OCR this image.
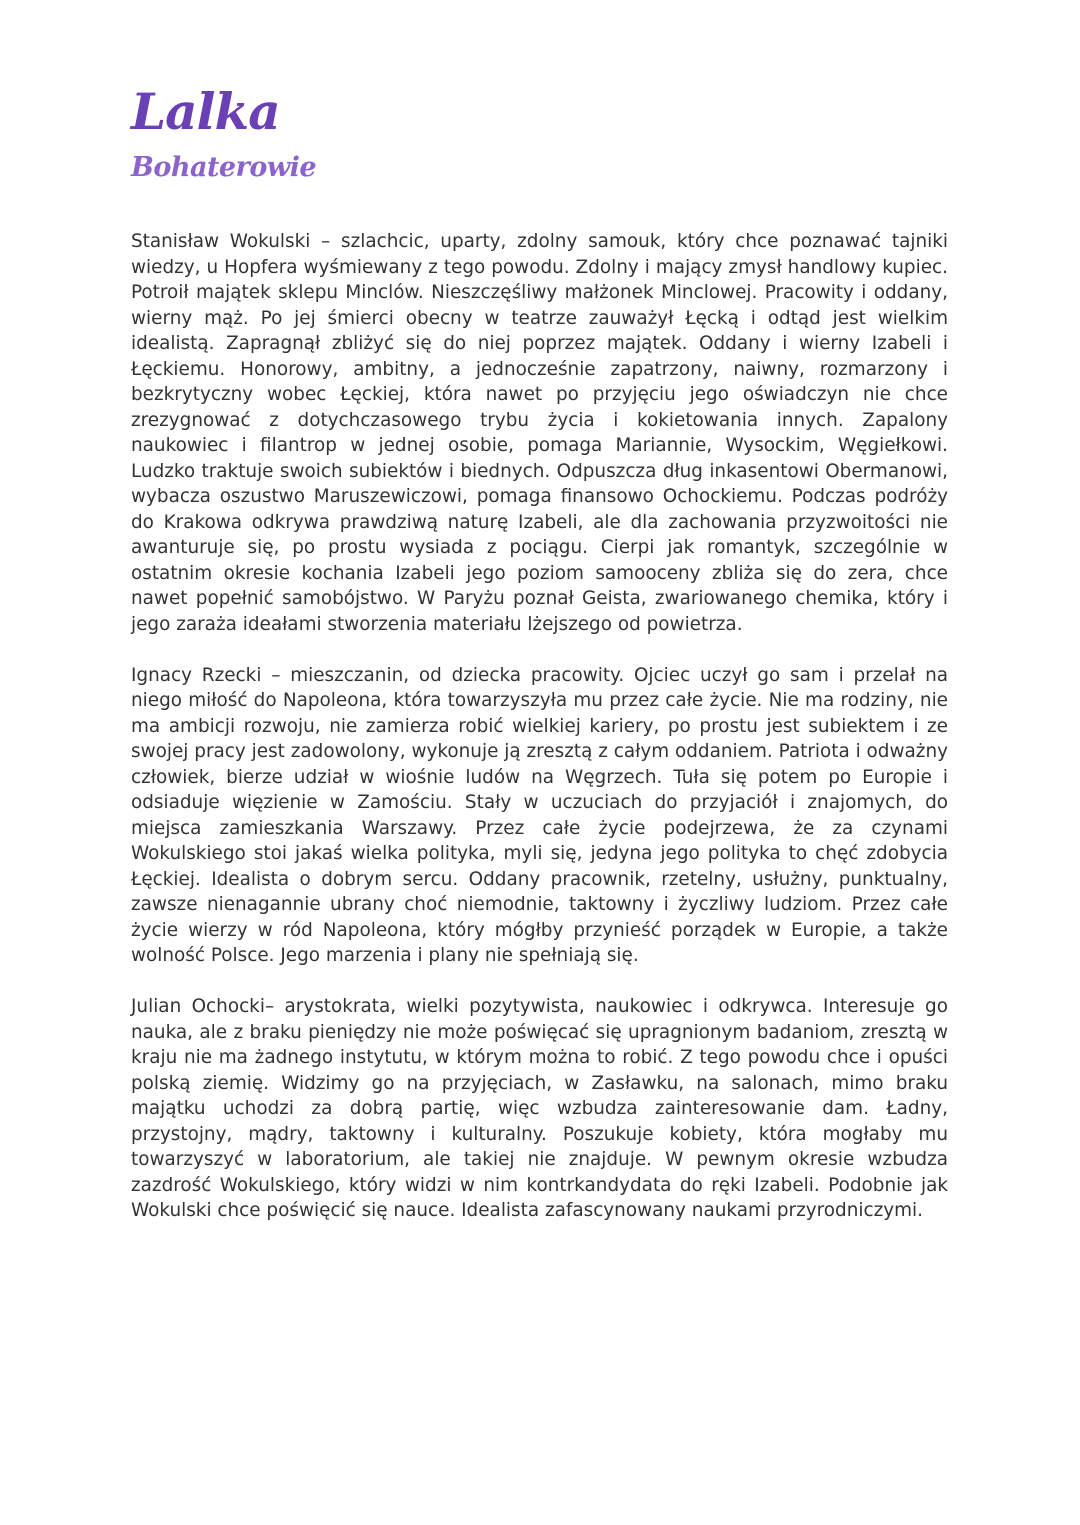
Lalka
Bohaterowie

Stanisław Wokulski – szlachcic, uparty, zdolny samouk, który chce poznawać tajniki wiedzy, u Hopfera wyśmiewany z tego powodu. Zdolny i mający zmysł handlowy kupiec. Potroił majątek sklepu Minclów. Nieszczęśliwy małżonek Minclowej. Pracowity i oddany, wierny mąż. Po jej śmierci obecny w teatrze zauważył Łęcką i odtąd jest wielkim idealistą. Zapragnął zbliżyć się do niej poprzez majątek. Oddany i wierny Izabeli i Łęckiemu. Honorowy, ambitny, a jednocześnie zapatrzony, naiwny, rozmarzony i bezkrytyczny wobec Łęckiej, która nawet po przyjęciu jego oświadczyn nie chce zrezygnować z dotychczasowego trybu życia i kokietowania innych. Zapalony naukowiec i filantrop w jednej osobie, pomaga Mariannie, Wysockim, Węgiełkowi. Ludzko traktuje swoich subiektów i biednych. Odpuszcza dług inkasentowi Obermanowi, wybacza oszustwo Maruszewiczowi, pomaga finansowo Ochockiemu. Podczas podróży do Krakowa odkrywa prawdziwą naturę Izabeli, ale dla zachowania przyzwoitości nie awanturuje się, po prostu wysiada z pociągu. Cierpi jak romantyk, szczególnie w ostatnim okresie kochania Izabeli jego poziom samooceny zbliża się do zera, chce nawet popełnić samobójstwo. W Paryżu poznał Geista, zwariowanego chemika, który i jego zaraża ideałami stworzenia materiału lżejszego od powietrza.

Ignacy Rzecki – mieszczanin, od dziecka pracowity. Ojciec uczył go sam i przelał na niego miłość do Napoleona, która towarzyszyła mu przez całe życie. Nie ma rodziny, nie ma ambicji rozwoju, nie zamierza robić wielkiej kariery, po prostu jest subiektem i ze swojej pracy jest zadowolony, wykonuje ją zresztą z całym oddaniem. Patriota i odważny człowiek, bierze udział w wiośnie ludów na Węgrzech. Tuła się potem po Europie i odsiaduje więzienie w Zamościu. Stały w uczuciach do przyjaciół i znajomych, do miejsca zamieszkania Warszawy. Przez całe życie podejrzewa, że za czynami Wokulskiego stoi jakaś wielka polityka, myli się, jedyna jego polityka to chęć zdobycia Łęckiej. Idealista o dobrym sercu. Oddany pracownik, rzetelny, usłużny, punktualny, zawsze nienagannie ubrany choć niemodnie, taktowny i życzliwy ludziom. Przez całe życie wierzy w ród Napoleona, który mógłby przynieść porządek w Europie, a także wolność Polsce. Jego marzenia i plany nie spełniają się.

Julian Ochocki– arystokrata, wielki pozytywista, naukowiec i odkrywca. Interesuje go nauka, ale z braku pieniędzy nie może poświęcać się upragnionym badaniom, zresztą w kraju nie ma żadnego instytutu, w którym można to robić. Z tego powodu chce i opuści polską ziemię. Widzimy go na przyjęciach, w Zasławku, na salonach, mimo braku majątku uchodzi za dobrą partię, więc wzbudza zainteresowanie dam. Ładny, przystojny, mądry, taktowny i kulturalny. Poszukuje kobiety, która mogłaby mu towarzyszyć w laboratorium, ale takiej nie znajduje. W pewnym okresie wzbudza zazdrość Wokulskiego, który widzi w nim kontrkandydata do ręki Izabeli. Podobnie jak Wokulski chce poświęcić się nauce. Idealista zafascynowany naukami przyrodniczymi.
